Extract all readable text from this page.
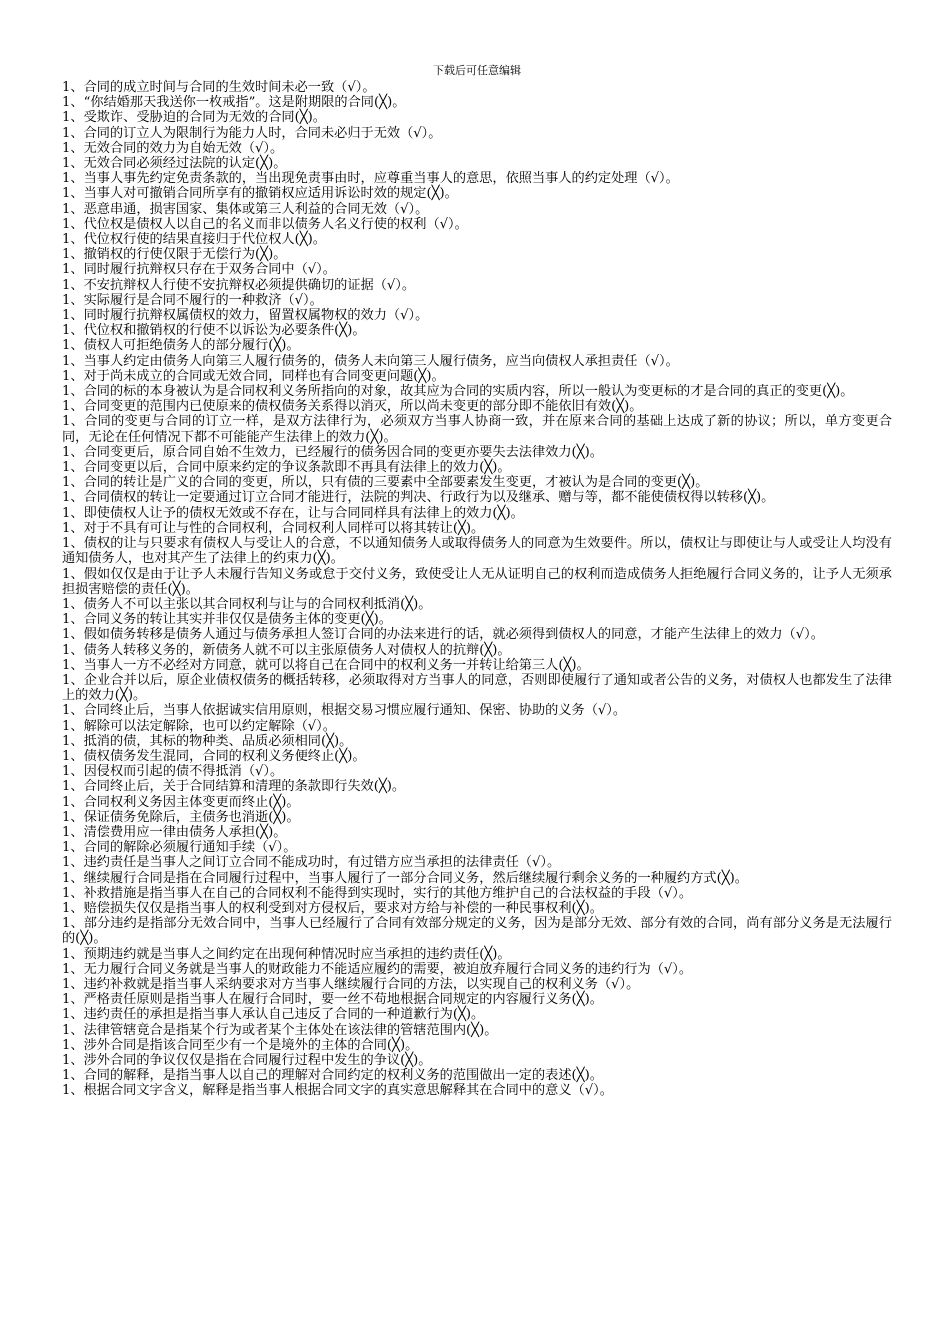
下载后可任意编辑
1、合同的成立时间与合同的生效时间未必一致（√）。
1、“你结婚那天我送你一枚戒指”。这是附期限的合同(╳)。
1、受欺诈、受胁迫的合同为无效的合同(╳)。
1、合同的订立人为限制行为能力人时，合同未必归于无效（√）。
1、无效合同的效力为自始无效（√）。
1、无效合同必须经过法院的认定(╳)。
1、当事人事先约定免责条款的，当出现免责事由时，应尊重当事人的意思，依照当事人的约定处理（√）。
1、当事人对可撤销合同所享有的撤销权应适用诉讼时效的规定(╳)。
1、恶意串通，损害国家、集体或第三人利益的合同无效（√）。
1、代位权是债权人以自己的名义而非以债务人名义行使的权利（√）。
1、代位权行使的结果直接归于代位权人(╳)。
1、撤销权的行使仅限于无偿行为(╳)。
1、同时履行抗辩权只存在于双务合同中（√）。
1、不安抗辩权人行使不安抗辩权必须提供确切的证据（√）。
1、实际履行是合同不履行的一种救济（√）。
1、同时履行抗辩权属债权的效力，留置权属物权的效力（√）。
1、代位权和撤销权的行使不以诉讼为必要条件(╳)。
1、债权人可拒绝债务人的部分履行(╳)。
1、当事人约定由债务人向第三人履行债务的，债务人未向第三人履行债务，应当向债权人承担责任（√）。
1、对于尚未成立的合同或无效合同，同样也有合同变更问题(╳)。
1、合同的标的本身被认为是合同权利义务所指向的对象，故其应为合同的实质内容，所以一般认为变更标的才是合同的真正的变更(╳)。
1、合同变更的范围内已使原来的债权债务关系得以消灭，所以尚未变更的部分即不能依旧有效(╳)。
1、合同的变更与合同的订立一样，是双方法律行为，必须双方当事人协商一致，并在原来合同的基础上达成了新的协议；所以，单方变更合同，无论在任何情况下都不可能能产生法律上的效力(╳)。
1、合同变更后，原合同自始不生效力，已经履行的债务因合同的变更亦要失去法律效力(╳)。
1、合同变更以后，合同中原来约定的争议条款即不再具有法律上的效力(╳)。
1、合同的转让是广义的合同的变更，所以，只有债的三要素中全部要素发生变更，才被认为是合同的变更(╳)。
1、合同债权的转让一定要通过订立合同才能进行，法院的判决、行政行为以及继承、赠与等，都不能使债权得以转移(╳)。
1、即使债权人让予的债权无效或不存在，让与合同同样具有法律上的效力(╳)。
1、对于不具有可让与性的合同权利，合同权利人同样可以将其转让(╳)。
1、债权的让与只要求有债权人与受让人的合意，不以通知债务人或取得债务人的同意为生效要件。所以，债权让与即使让与人或受让人均没有通知债务人，也对其产生了法律上的约束力(╳)。
1、假如仅仅是由于让予人未履行告知义务或怠于交付义务，致使受让人无从证明自己的权利而造成债务人拒绝履行合同义务的，让予人无须承担损害赔偿的责任(╳)。
1、债务人不可以主张以其合同权利与让与的合同权利抵消(╳)。
1、合同义务的转让其实并非仅仅是债务主体的变更(╳)。
1、假如债务转移是债务人通过与债务承担人签订合同的办法来进行的话，就必须得到债权人的同意，才能产生法律上的效力（√）。
1、债务人转移义务的，新债务人就不可以主张原债务人对债权人的抗辩(╳)。
1、当事人一方不必经对方同意，就可以将自己在合同中的权利义务一并转让给第三人(╳)。
1、企业合并以后，原企业债权债务的概括转移，必须取得对方当事人的同意，否则即使履行了通知或者公告的义务，对债权人也都发生了法律上的效力(╳)。
1、合同终止后，当事人依据诚实信用原则，根据交易习惯应履行通知、保密、协助的义务（√）。
1、解除可以法定解除，也可以约定解除（√）。
1、抵消的债，其标的物种类、品质必须相同(╳)。
1、债权债务发生混同，合同的权利义务便终止(╳)。
1、因侵权而引起的债不得抵消（√）。
1、合同终止后，关于合同结算和清理的条款即行失效(╳)。
1、合同权利义务因主体变更而终止(╳)。
1、保证债务免除后，主债务也消逝(╳)。
1、清偿费用应一律由债务人承担(╳)。
1、合同的解除必须履行通知手续（√）。
1、违约责任是当事人之间订立合同不能成功时，有过错方应当承担的法律责任（√）。
1、继续履行合同是指在合同履行过程中，当事人履行了一部分合同义务，然后继续履行剩余义务的一种履约方式(╳)。
1、补救措施是指当事人在自己的合同权利不能得到实现时，实行的其他方维护自己的合法权益的手段（√）。
1、赔偿损失仅仅是指当事人的权利受到对方侵权后，要求对方给与补偿的一种民事权利(╳)。
1、部分违约是指部分无效合同中，当事人已经履行了合同有效部分规定的义务，因为是部分无效、部分有效的合同，尚有部分义务是无法履行的(╳)。
1、预期违约就是当事人之间约定在出现何种情况时应当承担的违约责任(╳)。
1、无力履行合同义务就是当事人的财政能力不能适应履约的需要，被迫放弃履行合同义务的违约行为（√）。
1、违约补救就是指当事人采纳要求对方当事人继续履行合同的方法，以实现自己的权利义务（√）。
1、严格责任原则是指当事人在履行合同时，要一丝不苟地根据合同规定的内容履行义务(╳)。
1、违约责任的承担是指当事人承认自己违反了合同的一种道歉行为(╳)。
1、法律管辖竟合是指某个行为或者某个主体处在该法律的管辖范围内(╳)。
1、涉外合同是指该合同至少有一个是境外的主体的合同(╳)。
1、涉外合同的争议仅仅是指在合同履行过程中发生的争议(╳)。
1、合同的解释，是指当事人以自己的理解对合同约定的权利义务的范围做出一定的表述(╳)。
1、根据合同文字含义，解释是指当事人根据合同文字的真实意思解释其在合同中的意义（√）。
